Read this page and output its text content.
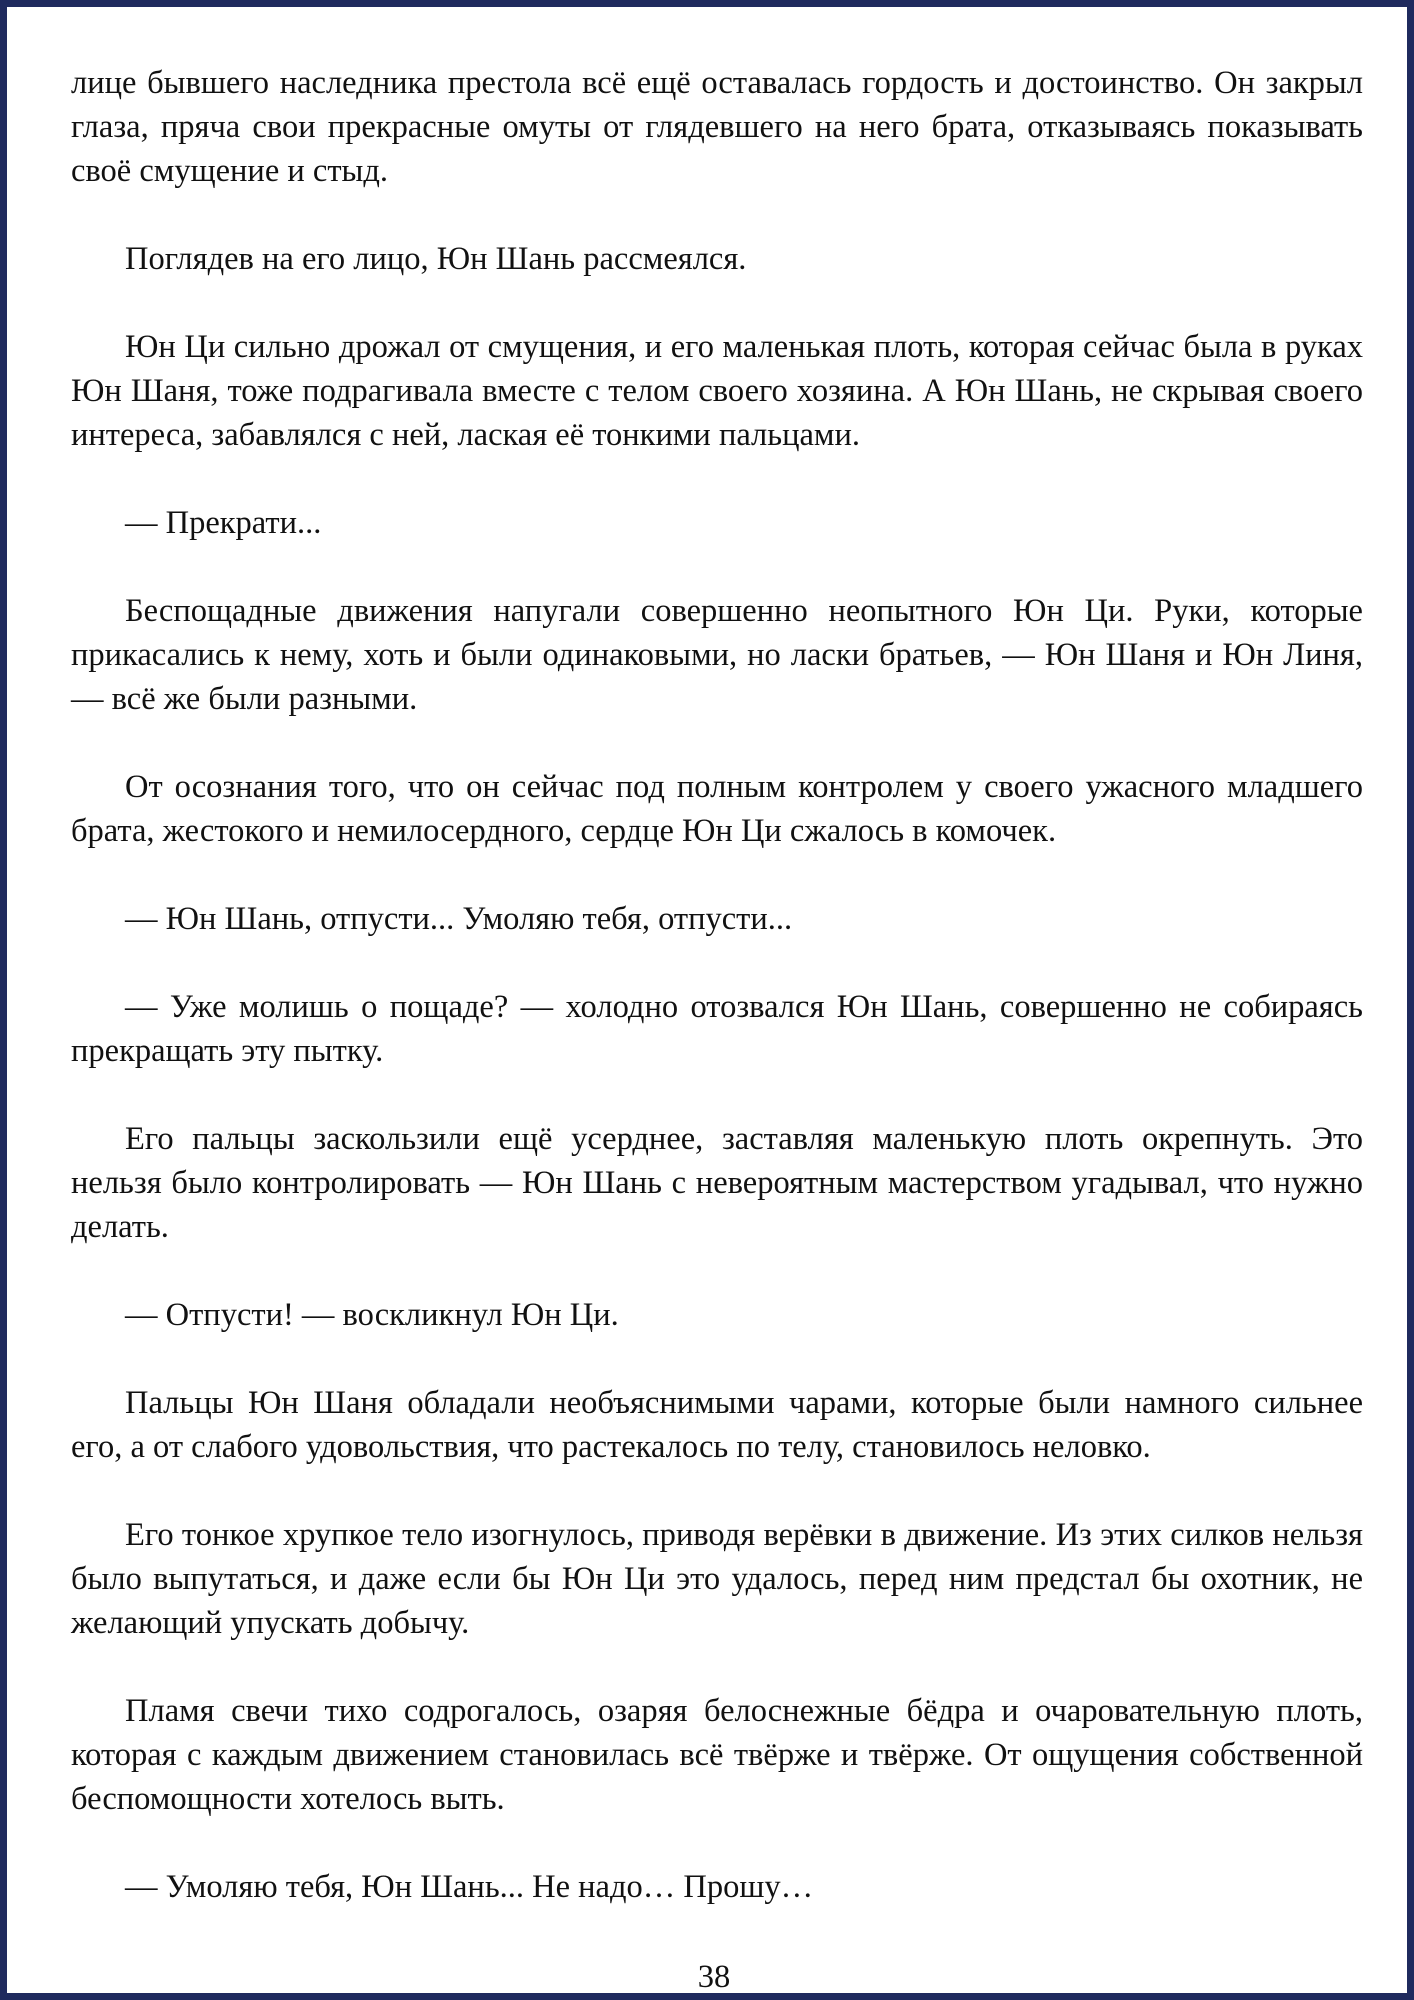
лице бывшего наследника престола всё ещё оставалась гордость и достоинство. Он закрыл глаза, пряча свои прекрасные омуты от глядевшего на него брата, отказываясь показывать своё смущение и стыд.

Поглядев на его лицо, Юн Шань рассмеялся.

Юн Ци сильно дрожал от смущения, и его маленькая плоть, которая сейчас была в руках Юн Шаня, тоже подрагивала вместе с телом своего хозяина. А Юн Шань, не скрывая своего интереса, забавлялся с ней, лаская её тонкими пальцами.

— Прекрати...

Беспощадные движения напугали совершенно неопытного Юн Ци. Руки, которые прикасались к нему, хоть и были одинаковыми, но ласки братьев, — Юн Шаня и Юн Линя, — всё же были разными.

От осознания того, что он сейчас под полным контролем у своего ужасного младшего брата, жестокого и немилосердного, сердце Юн Ци сжалось в комочек.

— Юн Шань, отпусти... Умоляю тебя, отпусти...

— Уже молишь о пощаде? — холодно отозвался Юн Шань, совершенно не собираясь прекращать эту пытку.

Его пальцы заскользили ещё усерднее, заставляя маленькую плоть окрепнуть. Это нельзя было контролировать — Юн Шань с невероятным мастерством угадывал, что нужно делать.

— Отпусти! — воскликнул Юн Ци.

Пальцы Юн Шаня обладали необъяснимыми чарами, которые были намного сильнее его, а от слабого удовольствия, что растекалось по телу, становилось неловко.

Его тонкое хрупкое тело изогнулось, приводя верёвки в движение. Из этих силков нельзя было выпутаться, и даже если бы Юн Ци это удалось, перед ним предстал бы охотник, не желающий упускать добычу.

Пламя свечи тихо содрогалось, озаряя белоснежные бёдра и очаровательную плоть, которая с каждым движением становилась всё твёрже и твёрже. От ощущения собственной беспомощности хотелось выть.

— Умоляю тебя, Юн Шань... Не надо… Прошу…

38
